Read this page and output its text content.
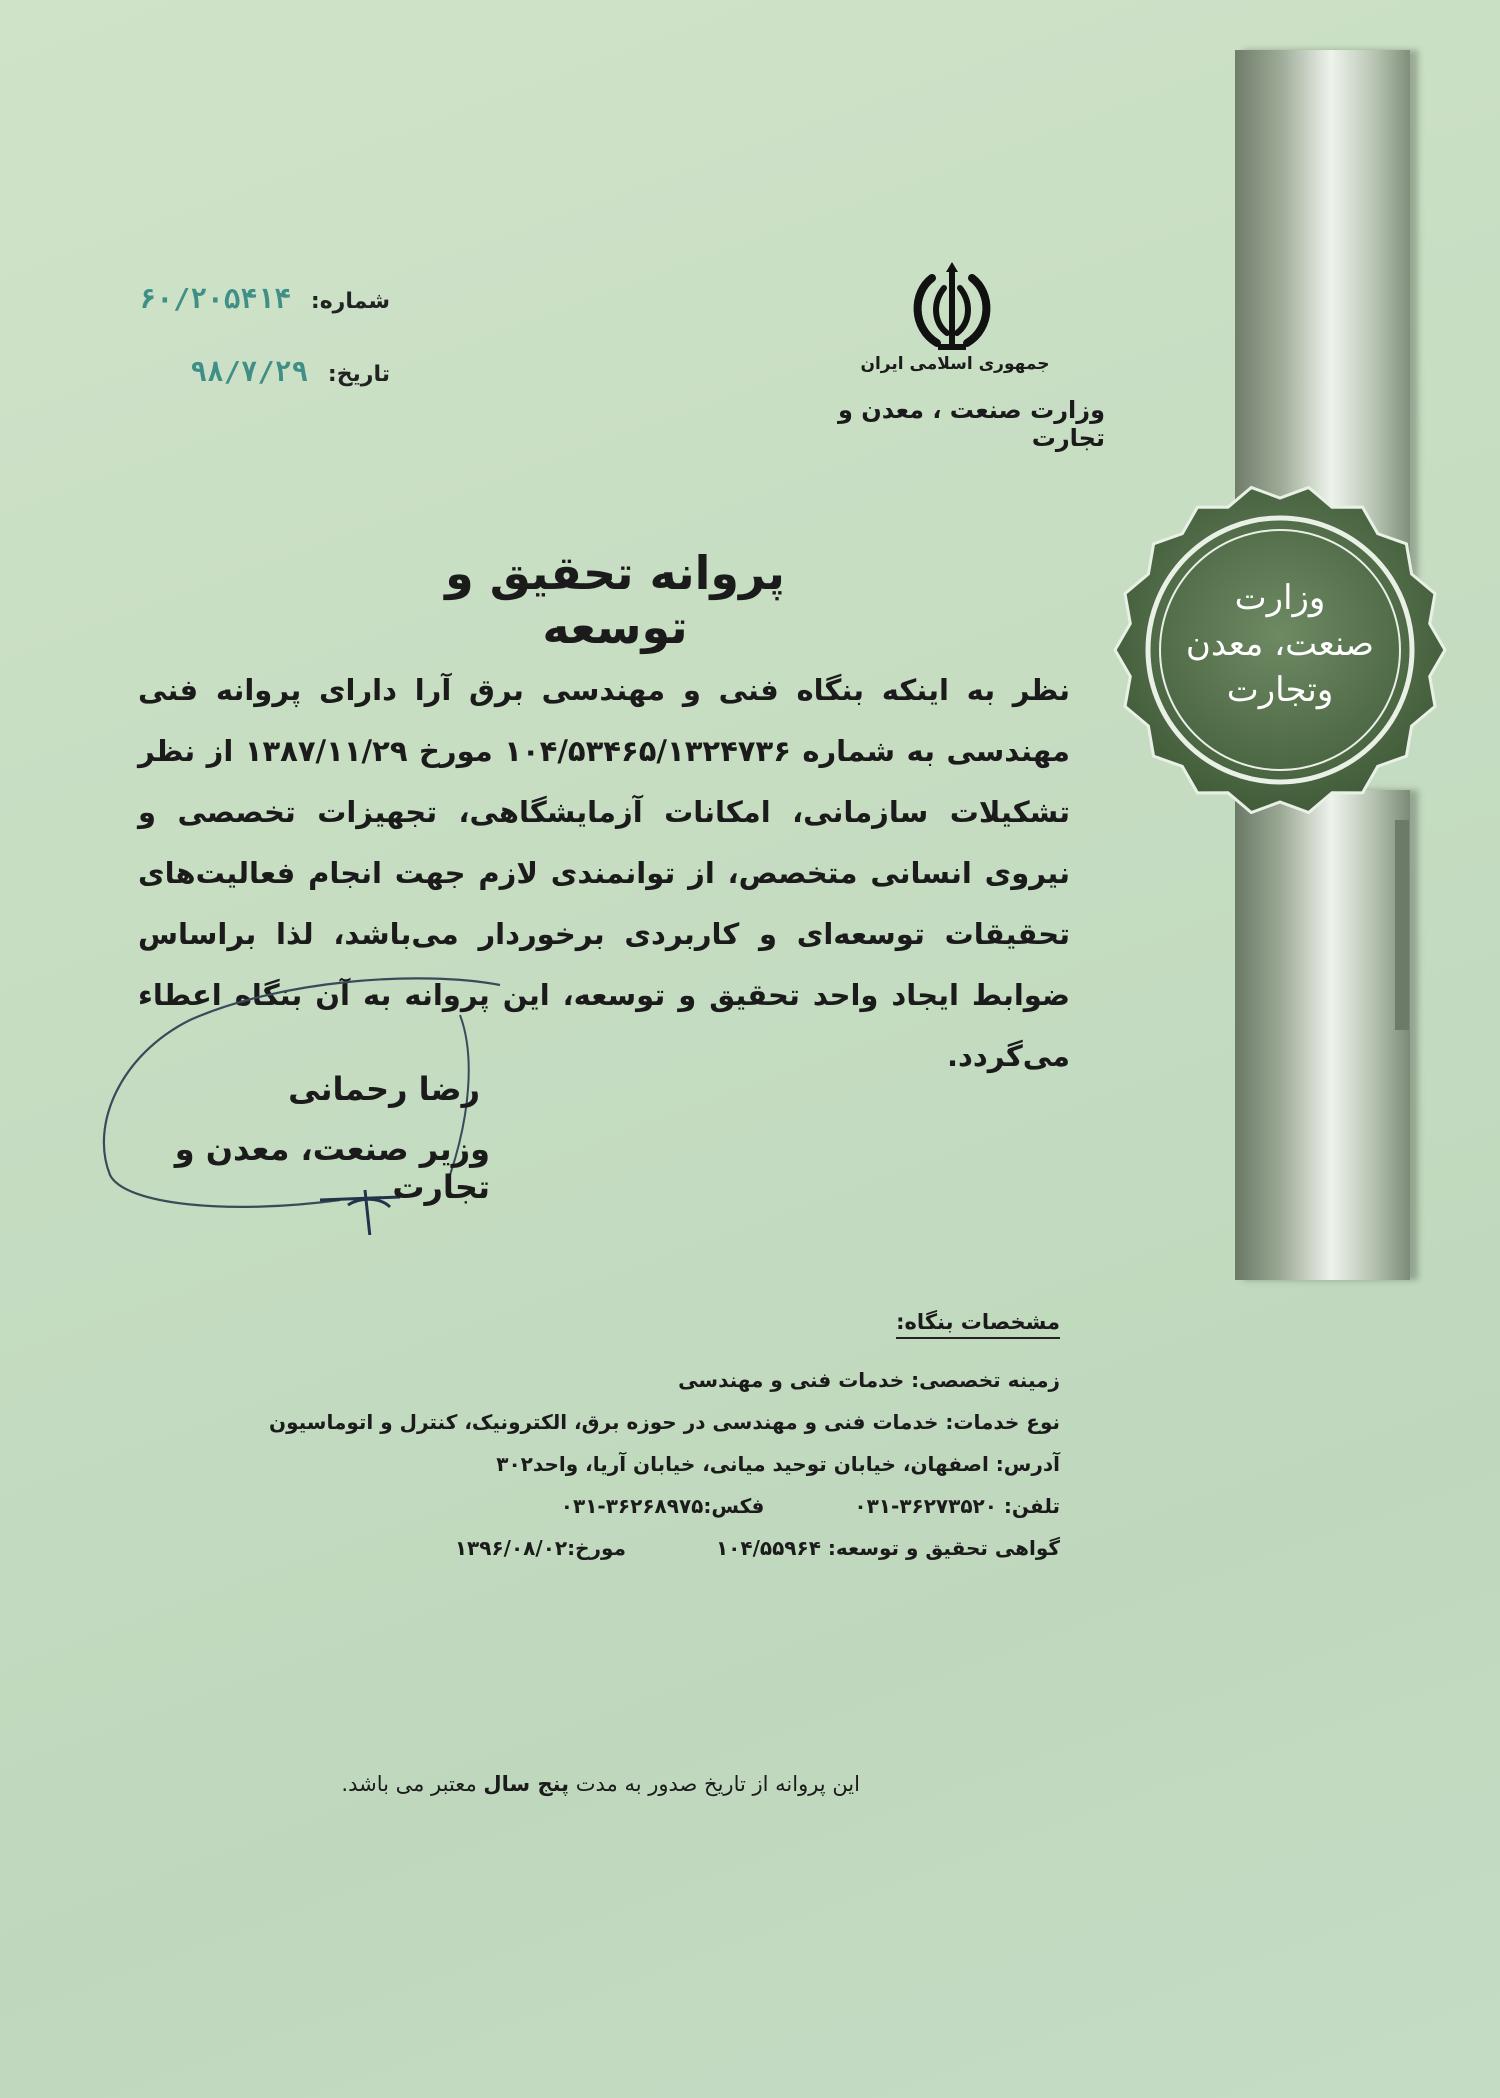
وزارت
صنعت، معدن
وتجارت
جمهوری اسلامی ایران
وزارت صنعت ، معدن و تجارت
شماره: ۶۰/۲۰۵۴۱۴
تاریخ: ۹۸/۷/۲۹
پروانه تحقیق و توسعه
نظر به اینکه بنگاه فنی و مهندسی برق آرا دارای پروانه فنی مهندسی به شماره ۱۰۴/۵۳۴۶۵/۱۳۲۴۷۳۶ مورخ ۱۳۸۷/۱۱/۲۹ از نظر تشکیلات سازمانی، امکانات آزمایشگاهی، تجهیزات تخصصی و نیروی انسانی متخصص، از توانمندی لازم جهت انجام فعالیت‌های تحقیقات توسعه‌ای و کاربردی برخوردار می‌باشد، لذا براساس ضوابط ایجاد واحد تحقیق و توسعه، این پروانه به آن بنگاه اعطاء می‌گردد.
رضا رحمانی
وزیر صنعت، معدن و تجارت
مشخصات بنگاه:
زمینه تخصصی: خدمات فنی و مهندسی
نوع خدمات: خدمات فنی و مهندسی در حوزه برق، الکترونیک، کنترل و اتوماسیون
آدرس: اصفهان، خیابان توحید میانی، خیابان آریا، واحد۳۰۲
تلفن: ۳۶۲۷۳۵۲۰-۰۳۱
فکس:۳۶۲۶۸۹۷۵-۰۳۱
گواهی تحقیق و توسعه: ۱۰۴/۵۵۹۶۴
مورخ:۱۳۹۶/۰۸/۰۲
این پروانه از تاریخ صدور به مدت پنج سال معتبر می باشد.
